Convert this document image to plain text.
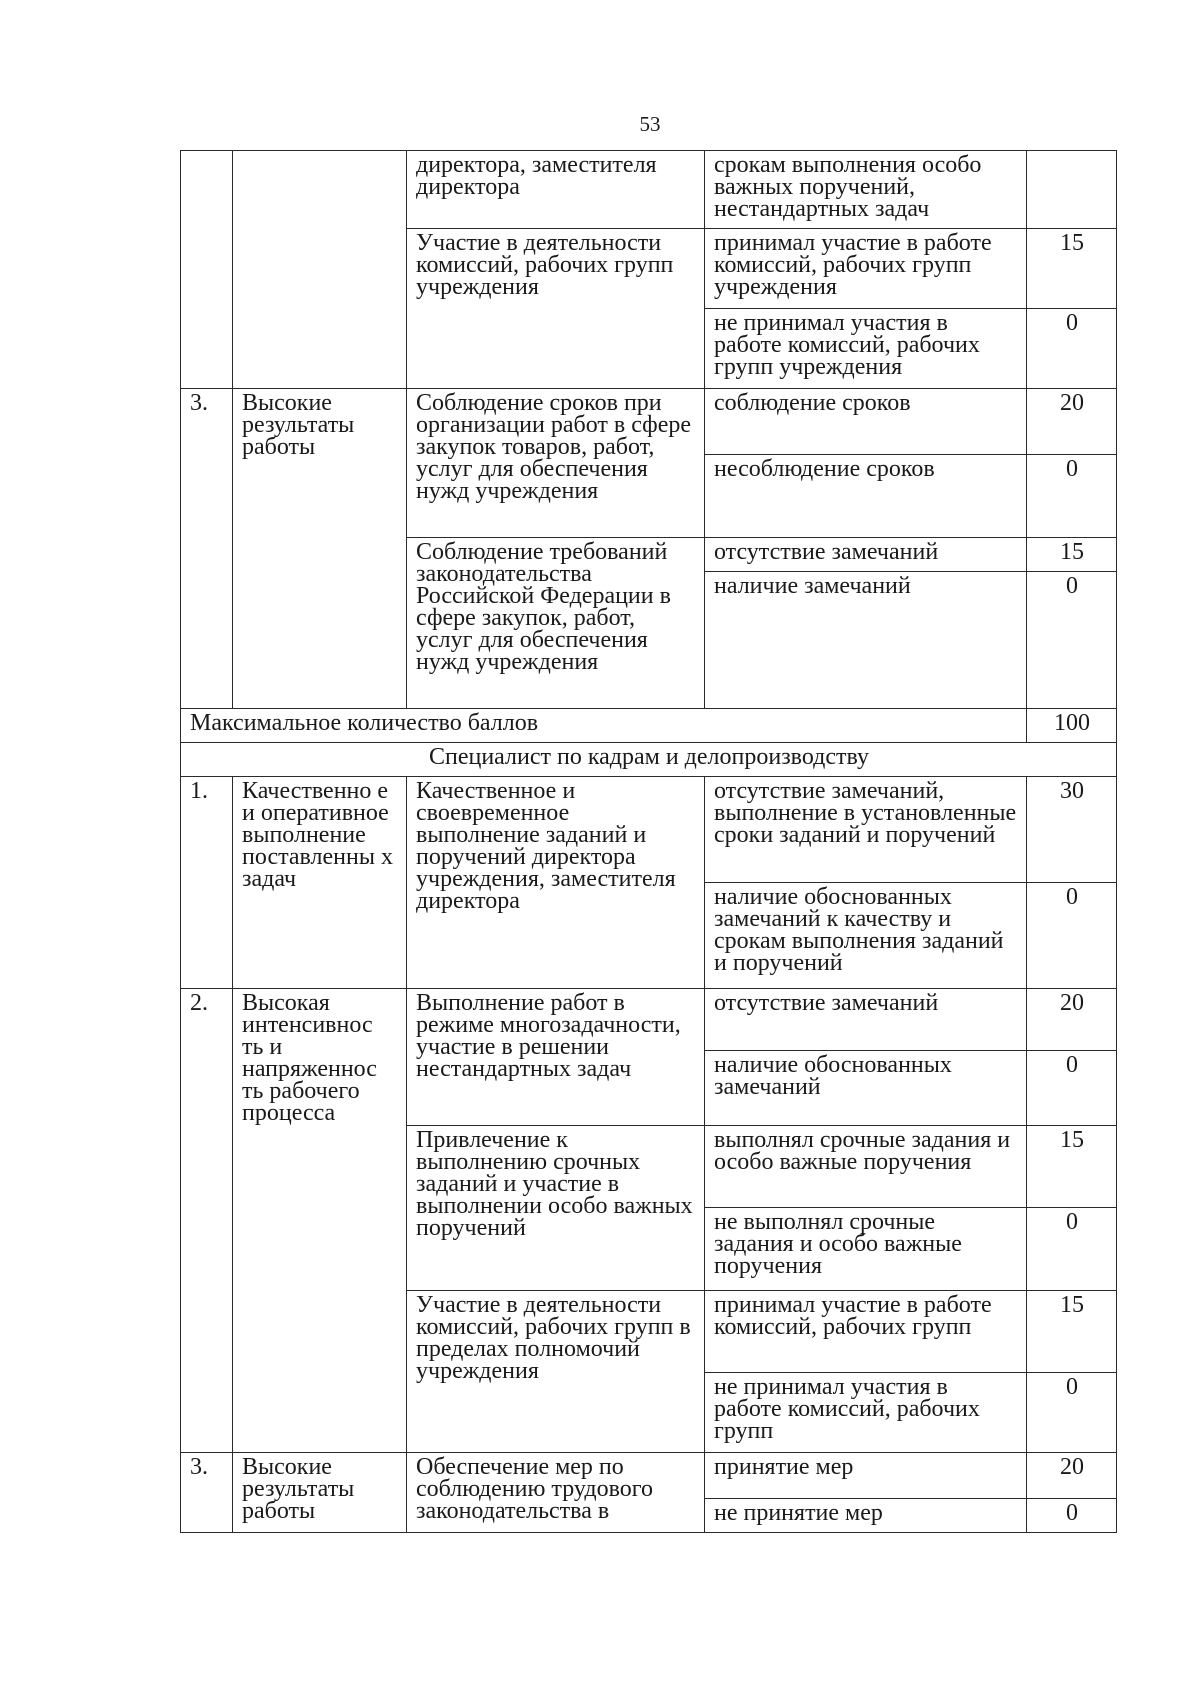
53
		директора, заместителя директора	срокам выполнения особо важных поручений, нестандартных задач	
		Участие в деятельности комиссий, рабочих групп учреждения	принимал участие в работе комиссий, рабочих групп учреждения	15
			не принимал участия в работе комиссий, рабочих групп учреждения	0
3.	Высокие результаты работы	Соблюдение сроков при организации работ в сфере закупок товаров, работ, услуг для обеспечения нужд учреждения	соблюдение сроков	20
			несоблюдение сроков	0
		Соблюдение требований законодательства Российской Федерации в сфере закупок, работ, услуг для обеспечения нужд учреждения	отсутствие замечаний	15
			наличие замечаний	0
Максимальное количество баллов				100
Специалист по кадрам и делопроизводству				
1.	Качественно е и оперативное выполнение поставленны х задач	Качественное и своевременное выполнение заданий и поручений директора учреждения, заместителя директора	отсутствие замечаний, выполнение в установленные сроки заданий и поручений	30
			наличие обоснованных замечаний к качеству и срокам выполнения заданий и поручений	0
2.	Высокая интенсивнос ть и напряженнос ть рабочего процесса	Выполнение работ в режиме многозадачности, участие в решении нестандартных задач	отсутствие замечаний	20
			наличие обоснованных замечаний	0
		Привлечение к выполнению срочных заданий и участие в выполнении особо важных поручений	выполнял срочные задания и особо важные поручения	15
			не выполнял срочные задания и особо важные поручения	0
		Участие в деятельности комиссий, рабочих групп в пределах полномочий учреждения	принимал участие в работе комиссий, рабочих групп	15
			не принимал участия в работе комиссий, рабочих групп	0
3.	Высокие результаты работы	Обеспечение мер по соблюдению трудового законодательства в	принятие мер	20
			не принятие мер	0
